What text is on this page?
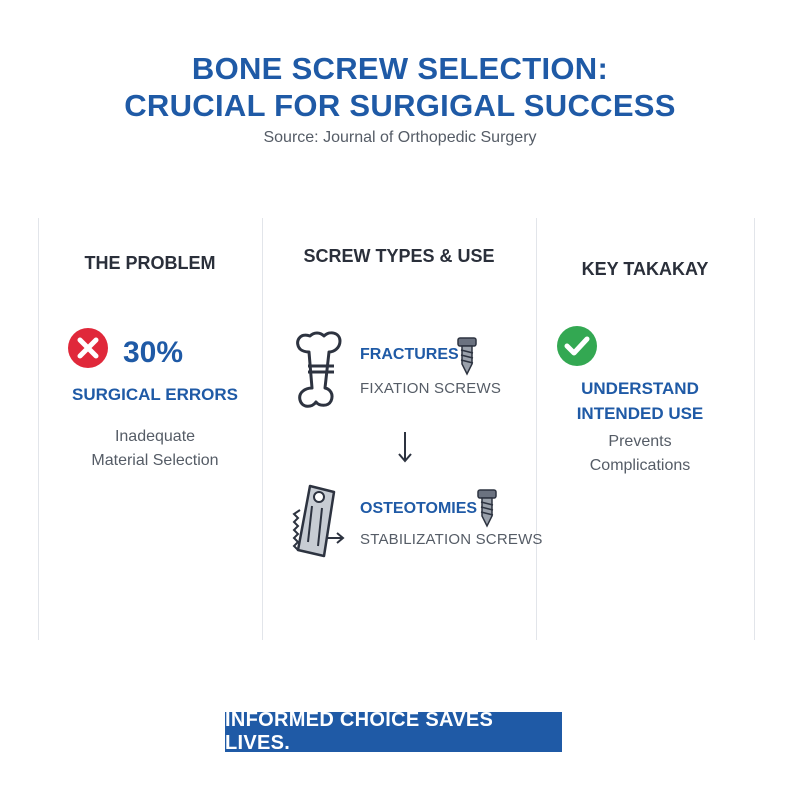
BONE SCREW SELECTION:
CRUCIAL FOR SURGIGAL SUCCESS
Source: Journal of Orthopedic Surgery
THE PROBLEM
30%
SURGICAL ERRORS
Inadequate
Material Selection
SCREW TYPES & USE
FRACTURES
FIXATION SCREWS
OSTEOTOMIES
STABILIZATION SCREWS
KEY TAKAKAY
UNDERSTAND
INTENDED USE
Prevents
Complications
INFORMED CHOICE SAVES LIVES.
